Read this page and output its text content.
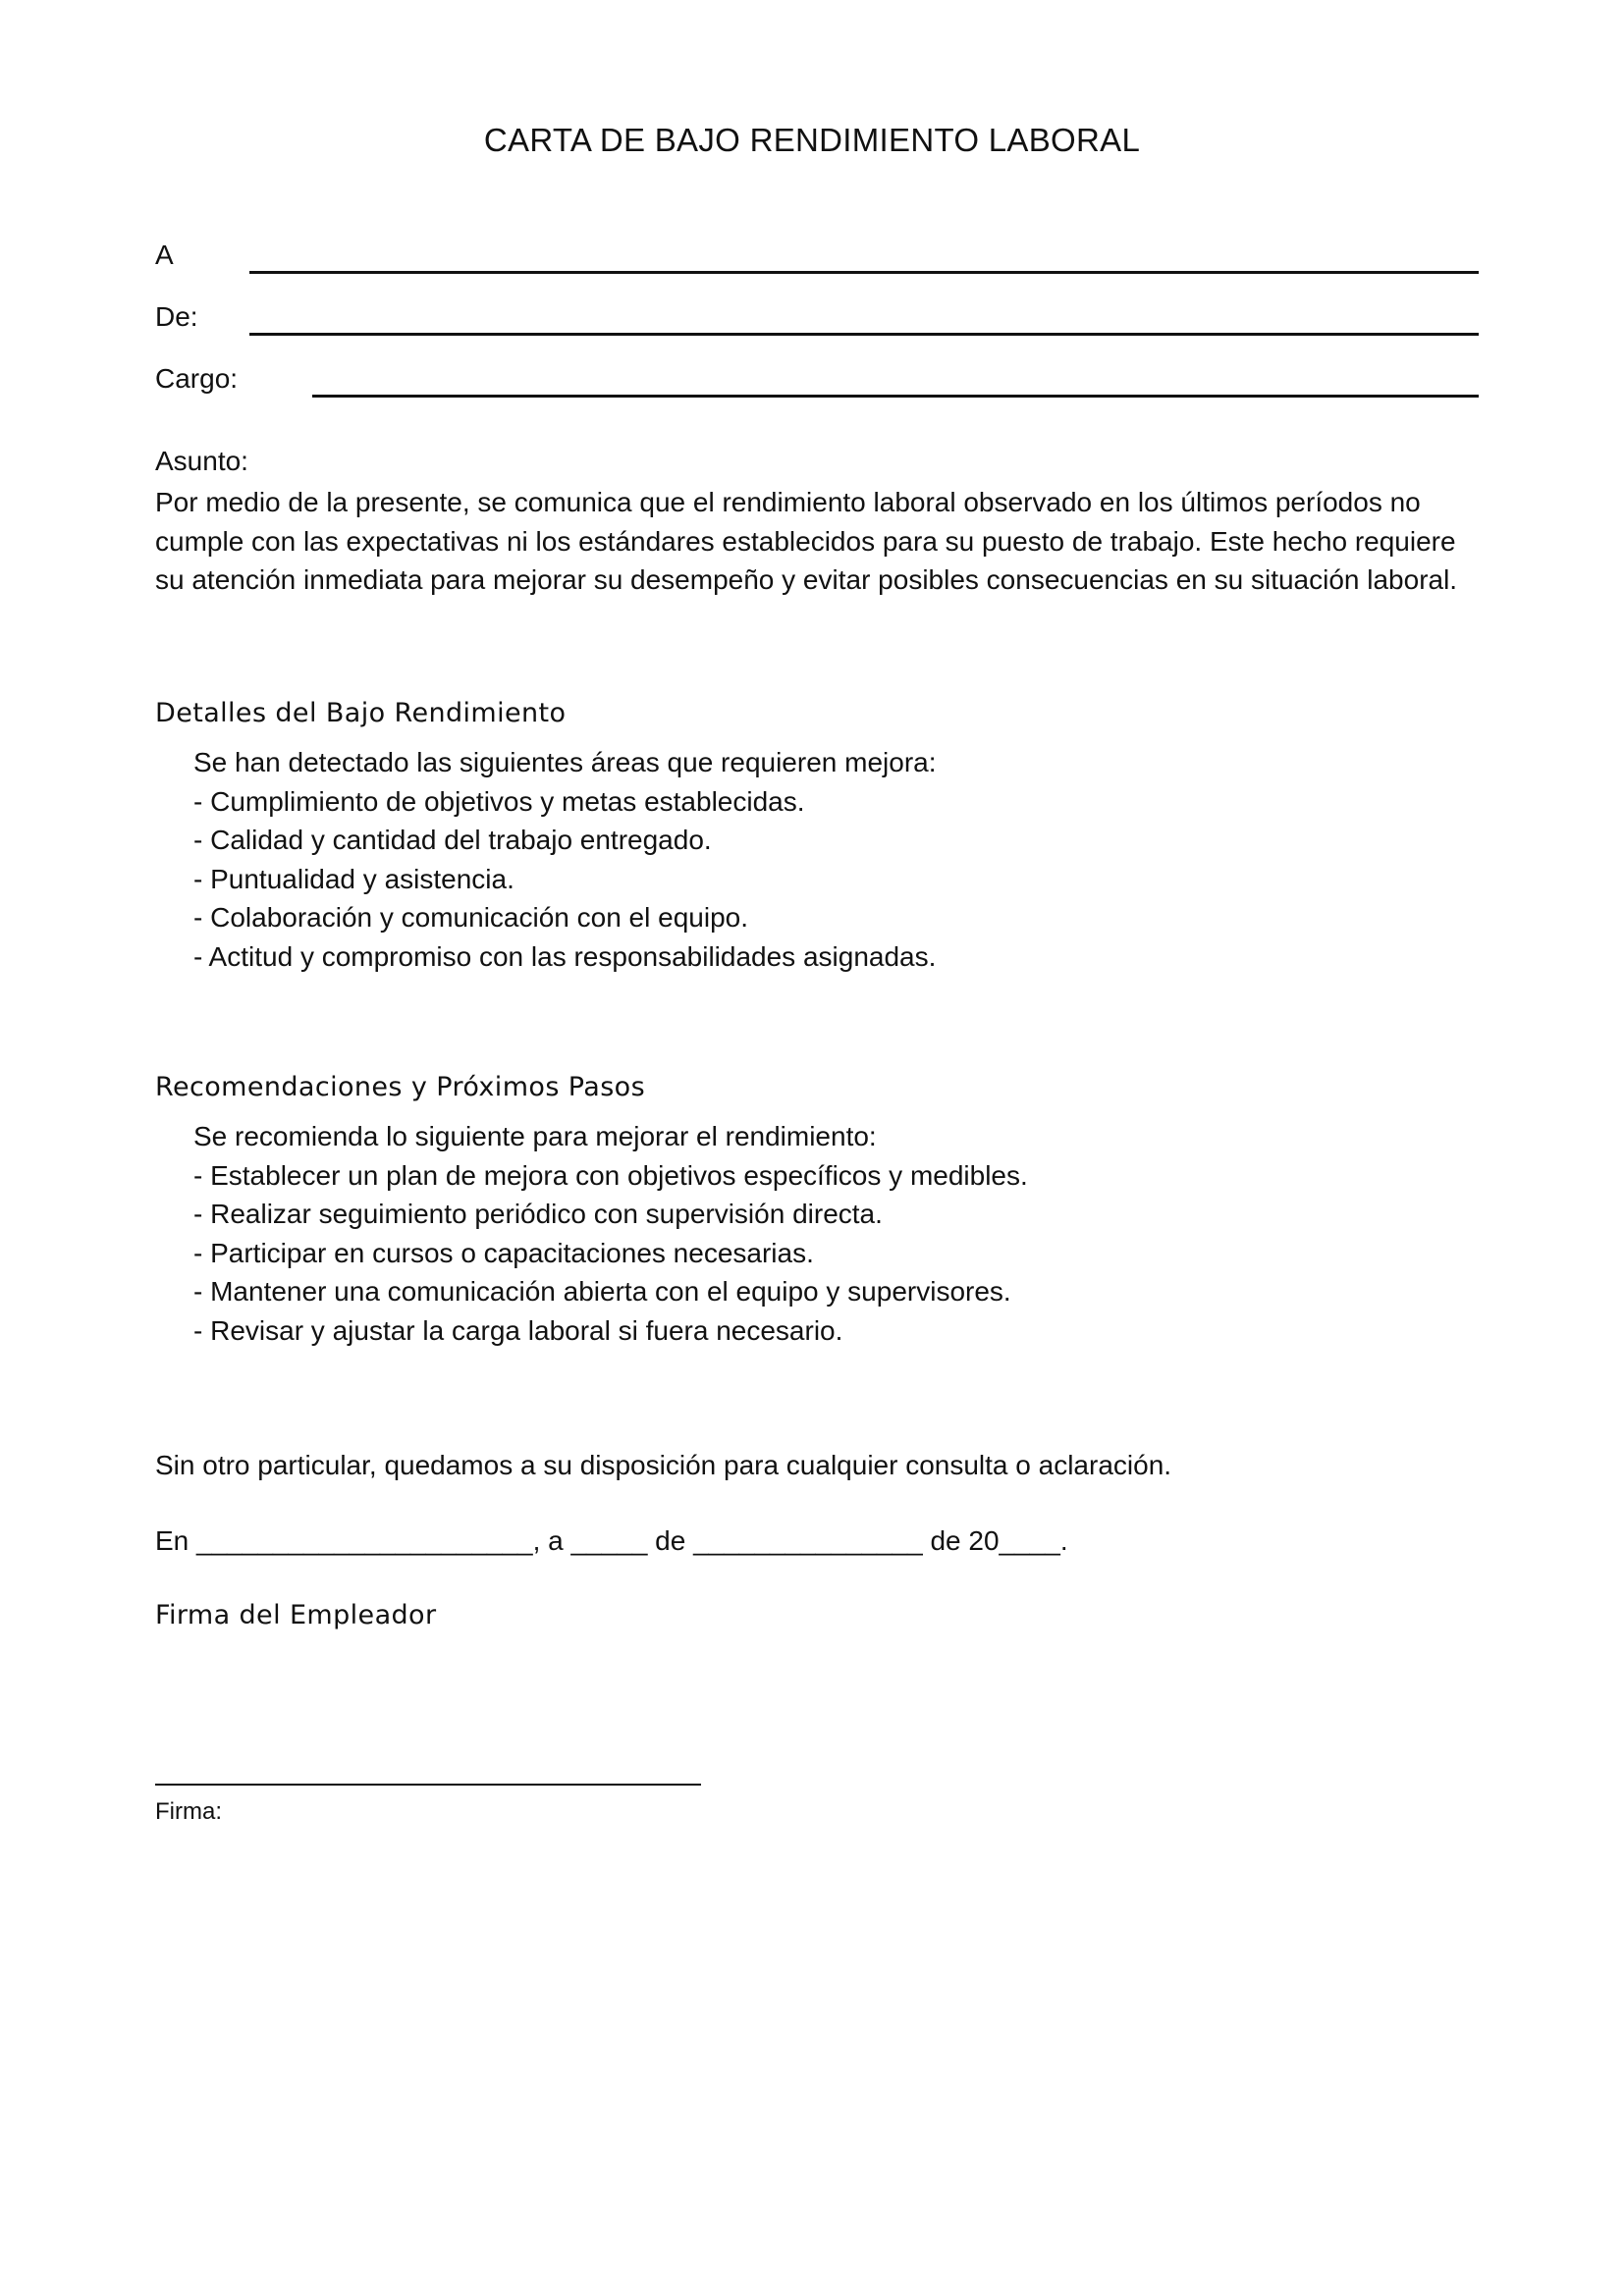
CARTA DE BAJO RENDIMIENTO LABORAL
A
De:
Cargo:
Asunto:
Por medio de la presente, se comunica que el rendimiento laboral observado en los últimos períodos no
cumple con las expectativas ni los estándares establecidos para su puesto de trabajo. Este hecho requiere
su atención inmediata para mejorar su desempeño y evitar posibles consecuencias en su situación laboral.
Detalles del Bajo Rendimiento
Se han detectado las siguientes áreas que requieren mejora:
- Cumplimiento de objetivos y metas establecidas.
- Calidad y cantidad del trabajo entregado.
- Puntualidad y asistencia.
- Colaboración y comunicación con el equipo.
- Actitud y compromiso con las responsabilidades asignadas.
Recomendaciones y Próximos Pasos
Se recomienda lo siguiente para mejorar el rendimiento:
- Establecer un plan de mejora con objetivos específicos y medibles.
- Realizar seguimiento periódico con supervisión directa.
- Participar en cursos o capacitaciones necesarias.
- Mantener una comunicación abierta con el equipo y supervisores.
- Revisar y ajustar la carga laboral si fuera necesario.
Sin otro particular, quedamos a su disposición para cualquier consulta o aclaración.
En ______________________, a _____ de _______________ de 20____.
Firma del Empleador
Firma:
